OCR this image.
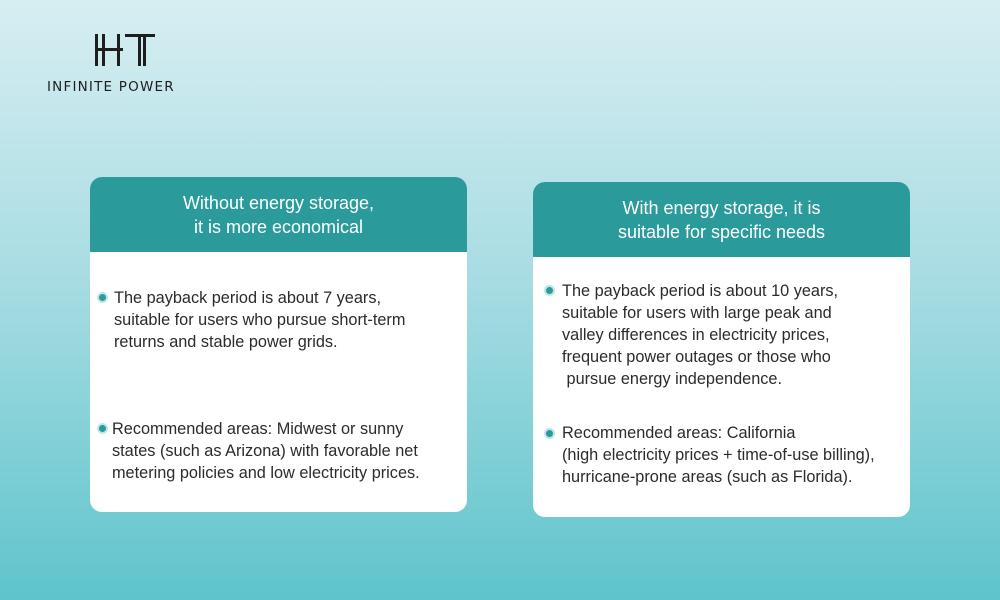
INFINITE POWER
Without energy storage,
it is more economical
The payback period is about 7 years,
suitable for users who pursue short-term
returns and stable power grids.
Recommended areas: Midwest or sunny
states (such as Arizona) with favorable net
metering policies and low electricity prices.
With energy storage, it is
suitable for specific needs
The payback period is about 10 years,
suitable for users with large peak and
valley differences in electricity prices,
frequent power outages or those who
pursue energy independence.
Recommended areas: California
(high electricity prices + time-of-use billing),
hurricane-prone areas (such as Florida).
